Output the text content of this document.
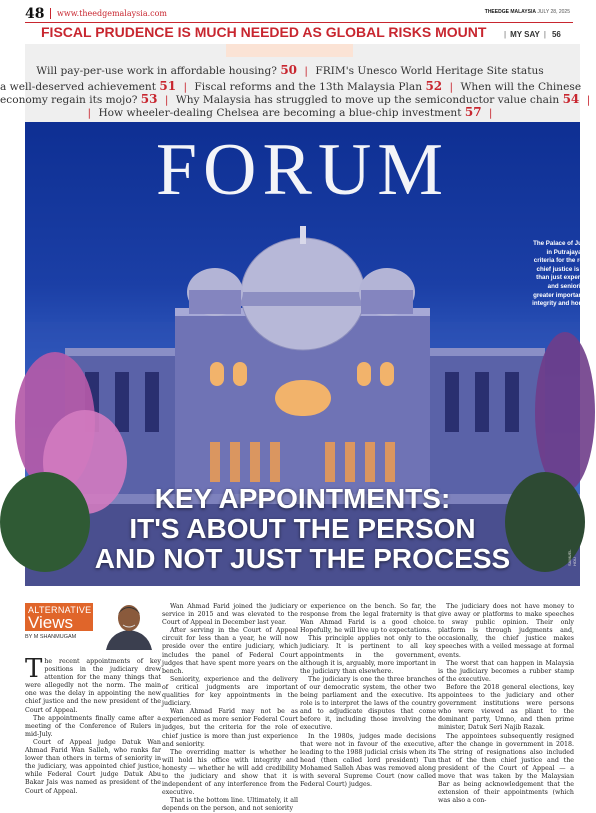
48 www.theedgemalaysia.com	THEEDGE MALAYSIA JULY 28, 2025
FISCAL PRUDENCE IS MUCH NEEDED AS GLOBAL RISKS MOUNT	| MY SAY | 56
Will pay-per-use work in affordable housing? 50 | FRIM's Unesco World Heritage Site status
a well-deserved achievement 51 | Fiscal reforms and the 13th Malaysia Plan 52 | When will the Chinese
economy regain its mojo? 53 | Why Malaysia has struggled to move up the semiconductor value chain 54 |
| How wheeler-dealing Chelsea are becoming a blue-chip investment 57 |
FORUM
The Palace of Justice in Putrajaya. The criteria for the role of chief justice is more than just experience and seniority. Of greater importance is integrity and honesty.
KEY APPOINTMENTS:
IT'S ABOUT THE PERSON
AND NOT JUST THE PROCESS	SAMUEL HOU
ALTERNATIVE
Views
BY M SHANMUGAM

The recent appointments of key positions in the judiciary drew attention for the many things that were allegedly not the norm. The main one was the delay in appointing the new chief justice and the new president of the Court of Appeal.

The appointments finally came after a meeting of the Conference of Rulers in mid-July.

Court of Appeal judge Datuk Wan Ahmad Farid Wan Salleh, who ranks far lower than others in terms of seniority in the judiciary, was appointed chief justice, while Federal Court judge Datuk Abu Bakar Jais was named as president of the Court of Appeal.

Wan Ahmad Farid joined the judiciary service in 2015 and was elevated to the Court of Appeal in December last year.

After serving in the Court of Appeal circuit for less than a year, he will now preside over the entire judiciary, which includes the panel of Federal Court judges that have spent more years on the bench.

Seniority, experience and the delivery of critical judgments are important qualities for key appointments in the judiciary.

Wan Ahmad Farid may not be as experienced as more senior Federal Court judges, but the criteria for the role of chief justice is more than just experience and seniority.

The overriding matter is whether he will hold his office with integrity and honesty — whether he will add credibility to the judiciary and show that it is independent of any interference from the executive.

That is the bottom line. Ultimately, it all depends on the person, and not seniority

or experience on the bench. So far, the response from the legal fraternity is that Wan Ahmad Farid is a good choice. Hopefully, he will live up to expectations.

This principle applies not only to the judiciary. It is pertinent to all key appointments in the government, although it is, arguably, more important in the judiciary than elsewhere.

The judiciary is one the three branches of our democratic system, the other two being parliament and the executive. Its role is to interpret the laws of the country and to adjudicate disputes that come before it, including those involving the executive.

In the 1980s, judges made decisions that were not in favour of the executive, leading to the 1988 judicial crisis when its head (then called lord president) Tun Mohamed Salleh Abas was removed along with several Supreme Court (now called Federal Court) judges.

The judiciary does not have money to give away or platforms to make speeches to sway public opinion. Their only platform is through judgments and, occasionally, the chief justice makes speeches with a veiled message at formal events.

The worst that can happen in Malaysia is the judiciary becomes a rubber stamp of the executive.

Before the 2018 general elections, key appointees to the judiciary and other government institutions were persons who were viewed as pliant to the dominant party, Umno, and then prime minister, Datuk Seri Najib Razak.

The appointees subsequently resigned after the change in government in 2018. The string of resignations also included that of the then chief justice and the president of the Court of Appeal — a move that was taken by the Malaysian Bar as being acknowledgement that the extension of their appointments (which was also a con-
